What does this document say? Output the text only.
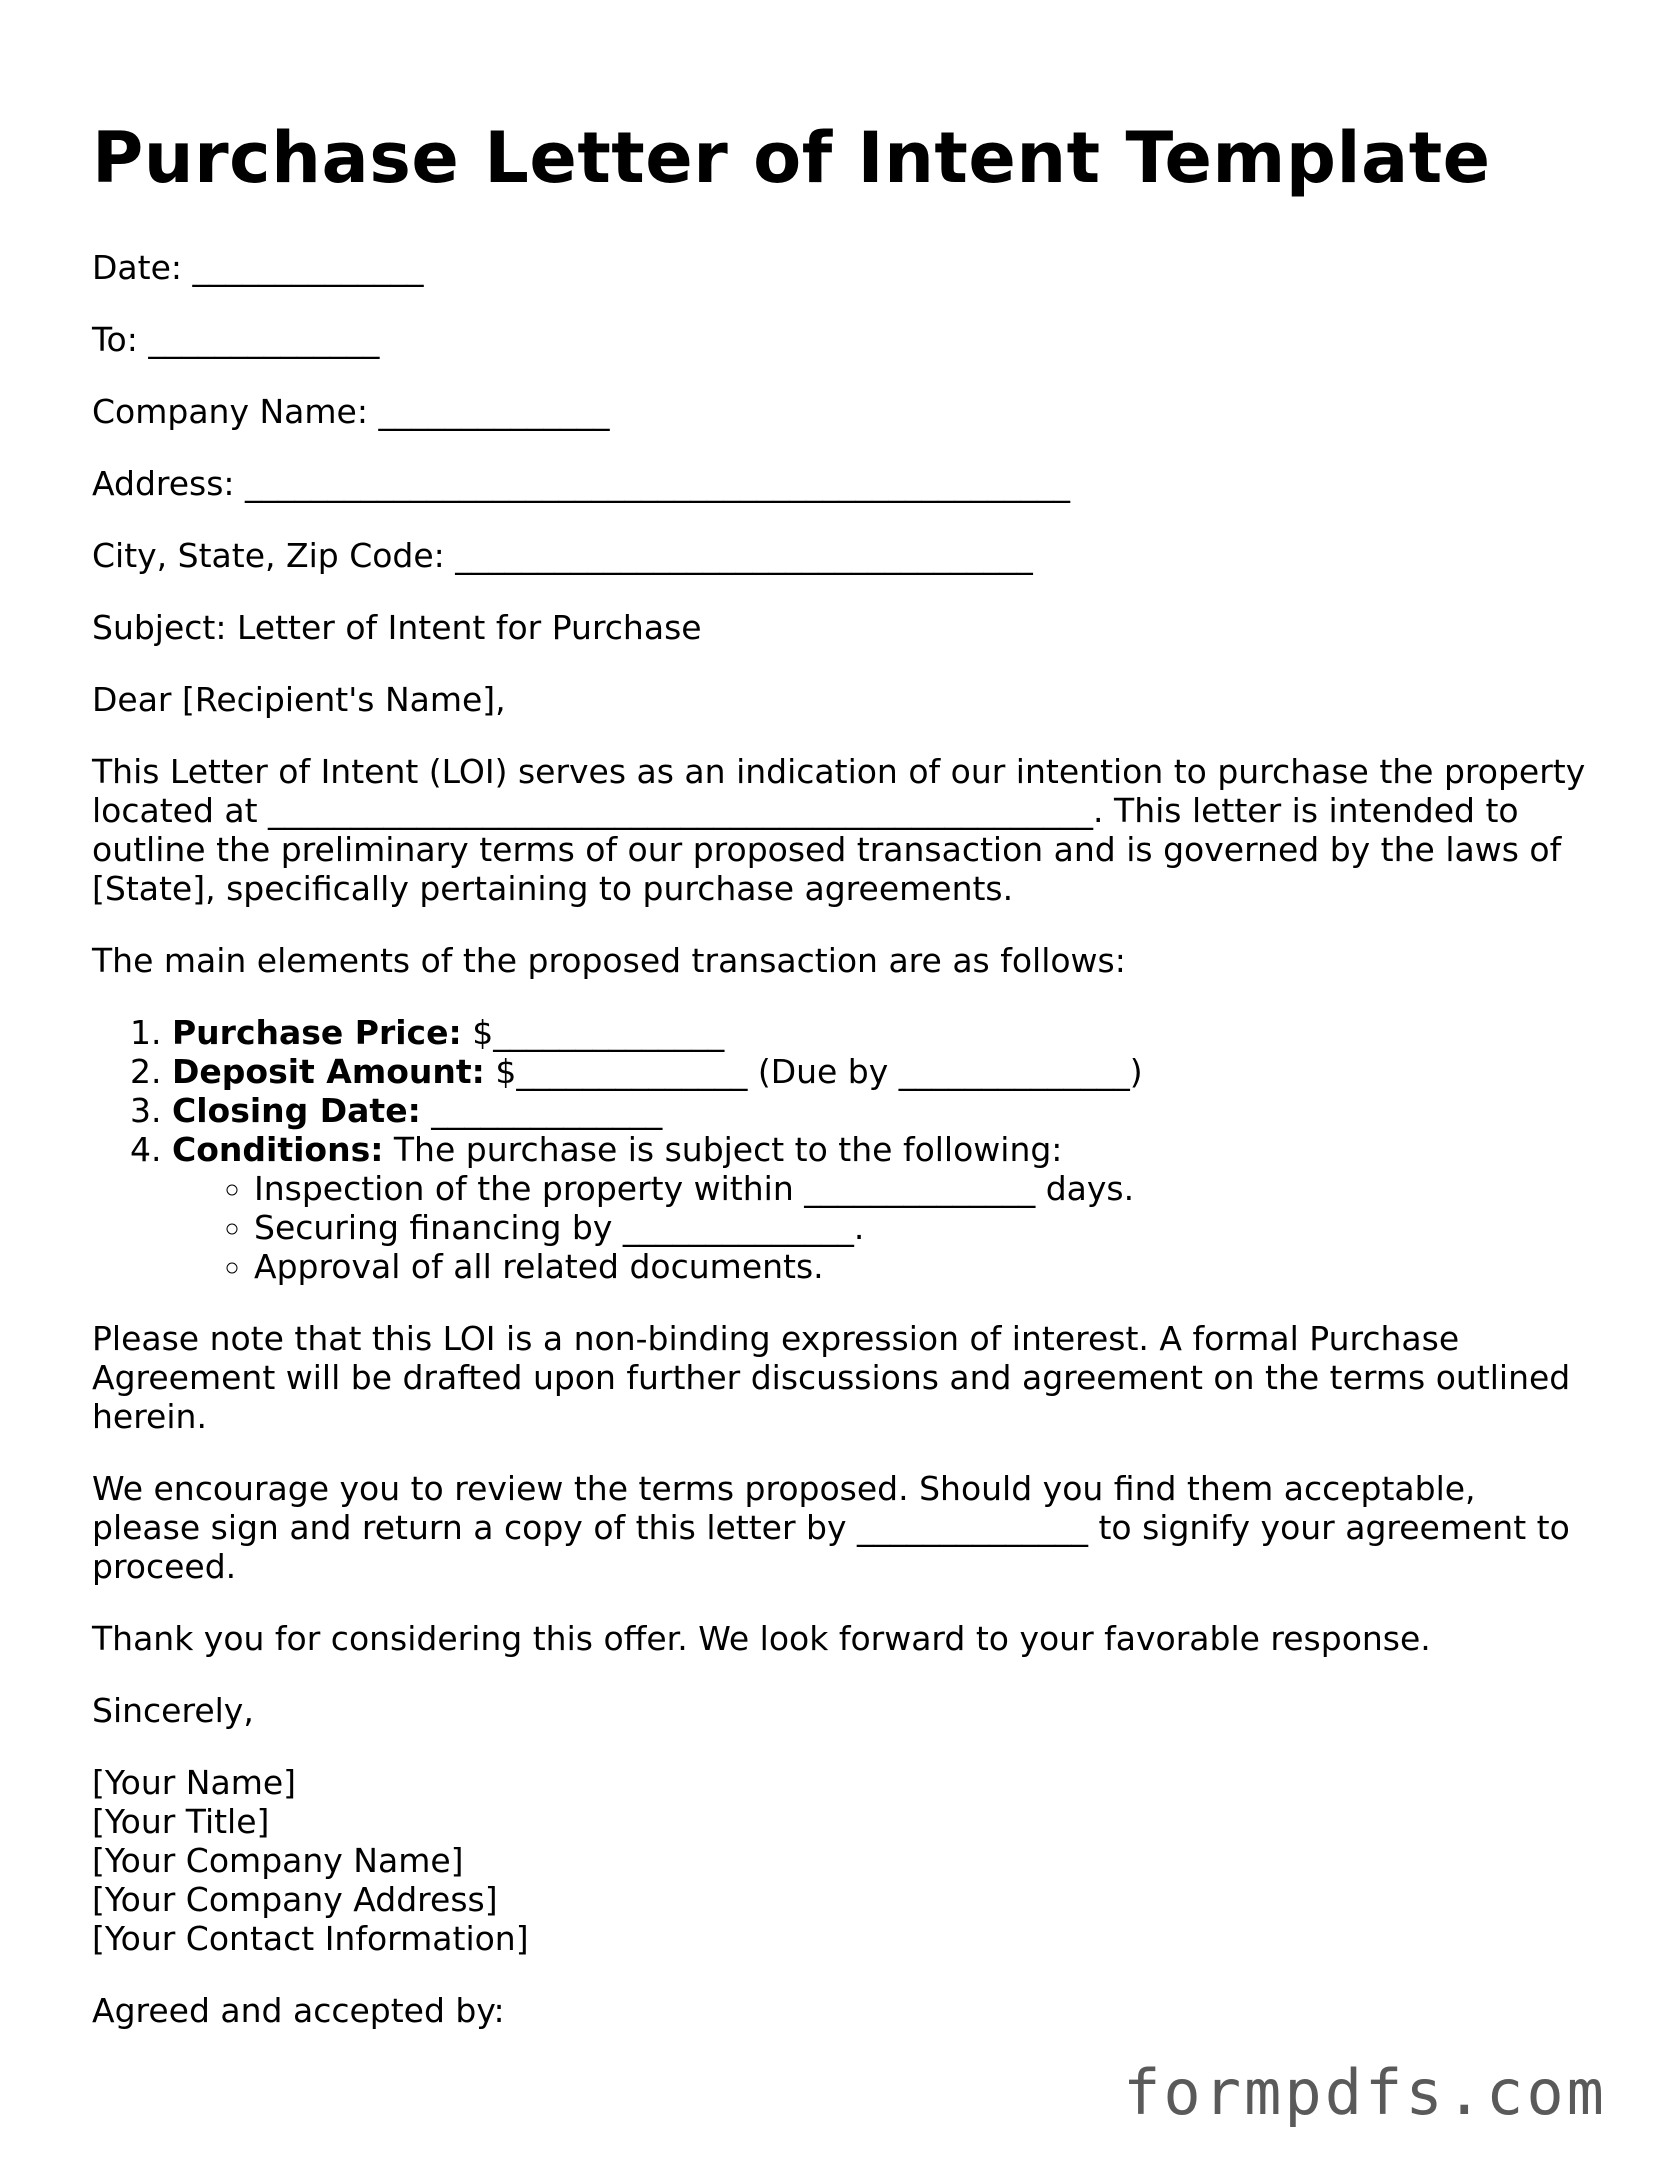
Purchase Letter of Intent Template

Date: ______________

To: ______________

Company Name: ______________

Address: __________________________________________________

City, State, Zip Code: ___________________________________

Subject: Letter of Intent for Purchase

Dear [Recipient's Name],

This Letter of Intent (LOI) serves as an indication of our intention to purchase the property located at __________________________________________________. This letter is intended to outline the preliminary terms of our proposed transaction and is governed by the laws of [State], specifically pertaining to purchase agreements.

The main elements of the proposed transaction are as follows:

1. Purchase Price: $______________
2. Deposit Amount: $______________ (Due by ______________)
3. Closing Date: ______________
4. Conditions: The purchase is subject to the following:
◦ Inspection of the property within ______________ days.
◦ Securing financing by ______________.
◦ Approval of all related documents.

Please note that this LOI is a non-binding expression of interest. A formal Purchase Agreement will be drafted upon further discussions and agreement on the terms outlined herein.

We encourage you to review the terms proposed. Should you find them acceptable, please sign and return a copy of this letter by ______________ to signify your agreement to proceed.

Thank you for considering this offer. We look forward to your favorable response.

Sincerely,

[Your Name]
[Your Title]
[Your Company Name]
[Your Company Address]
[Your Contact Information]

Agreed and accepted by:

formpdfs.com
